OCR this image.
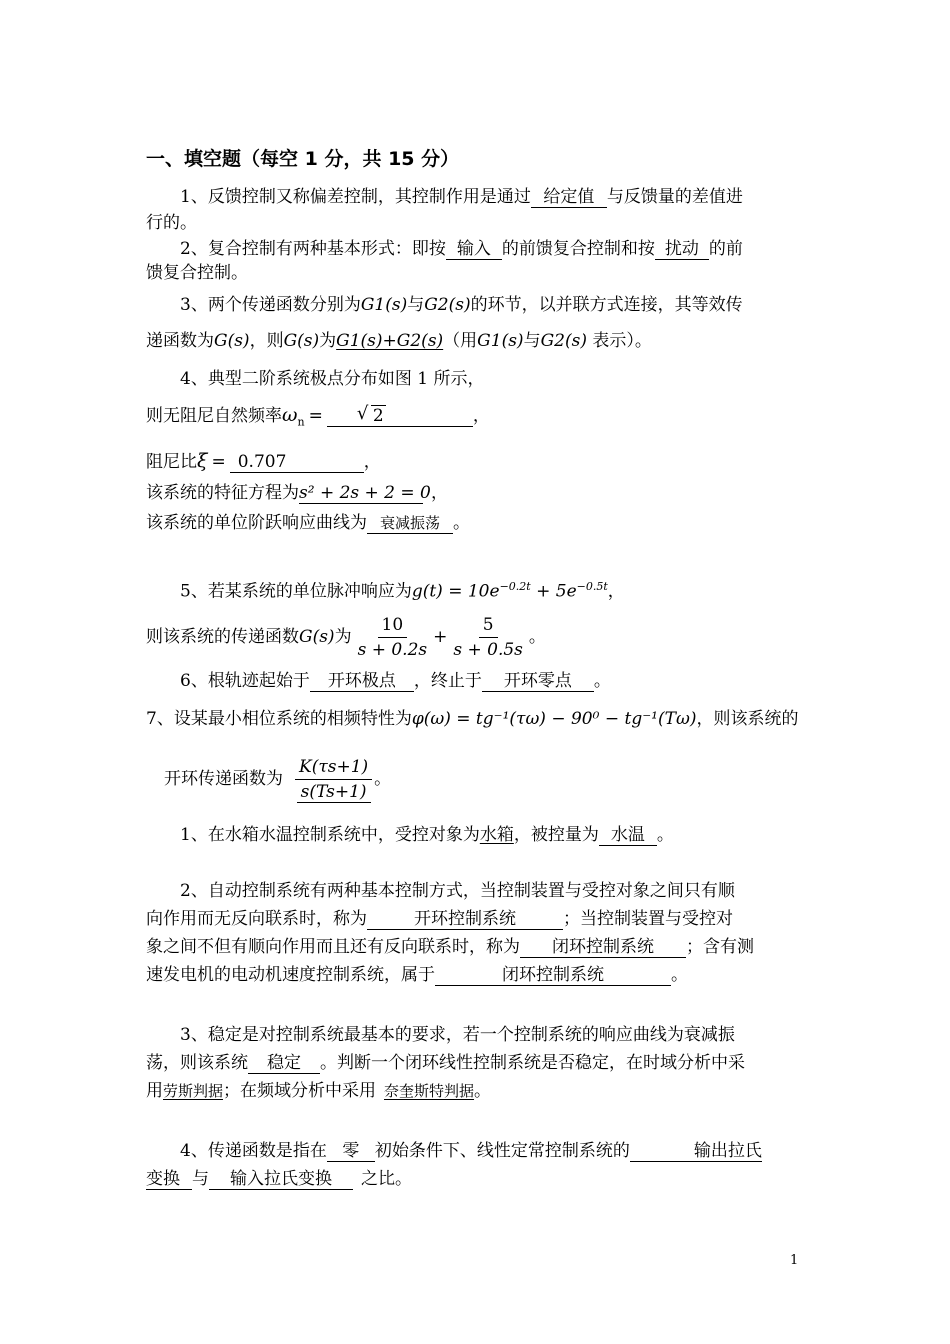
一、填空题（每空 1 分，共 15 分）
1、反馈控制又称偏差控制，其控制作用是通过 给定值 与反馈量的差值进
行的。
2、复合控制有两种基本形式：即按 输入 的前馈复合控制和按 扰动 的前
馈复合控制。
3、两个传递函数分别为G1(s)与G2(s)的环节，以并联方式连接，其等效传
递函数为G(s)，则G(s)为G1(s)+G2(s)（用G1(s)与G2(s) 表示）。
4、典型二阶系统极点分布如图 1 所示，
则无阻尼自然频率$\omega_n$ =√	2	，
阻尼比ξ = 0.707	，
该系统的特征方程为s² + 2s + 2 = 0，
该系统的单位阶跃响应曲线为 衰减振荡 。
5、若某系统的单位脉冲响应为$g(t) = 10e^{-0.2t} + 5e^{-0.5t}$，
则该系统的传递函数G(s)为 $\frac{10}{s + 0.2s} + \frac{5}{s + 0.5s}$ 。
6、根轨迹起始于 开环极点 ，终止于 开环零点 。
7、设某最小相位系统的相频特性为φ(ω) = tg⁻¹(τω) − 90⁰ − tg⁻¹(Tω)，则该系统的
开环传递函数为 $\frac{K(\tau s+1)}{s(Ts+1)}$ 。
1、在水箱水温控制系统中，受控对象为水箱，被控量为 水温 。
2、自动控制系统有两种基本控制方式，当控制装置与受控对象之间只有顺
向作用而无反向联系时，称为	开环控制系统	；当控制装置与受控对
象之间不但有顺向作用而且还有反向联系时，称为 闭环控制系统 ；含有测
速发电机的电动机速度控制系统，属于	闭环控制系统	。
3、稳定是对控制系统最基本的要求，若一个控制系统的响应曲线为衰减振
荡，则该系统 稳定 。判断一个闭环线性控制系统是否稳定，在时域分析中采
用劳斯判据；在频域分析中采用 奈奎斯特判据。
4、传递函数是指在 零 初始条件下、线性定常控制系统的	输出拉氏
变换 与 输入拉氏变换 之比。
1
